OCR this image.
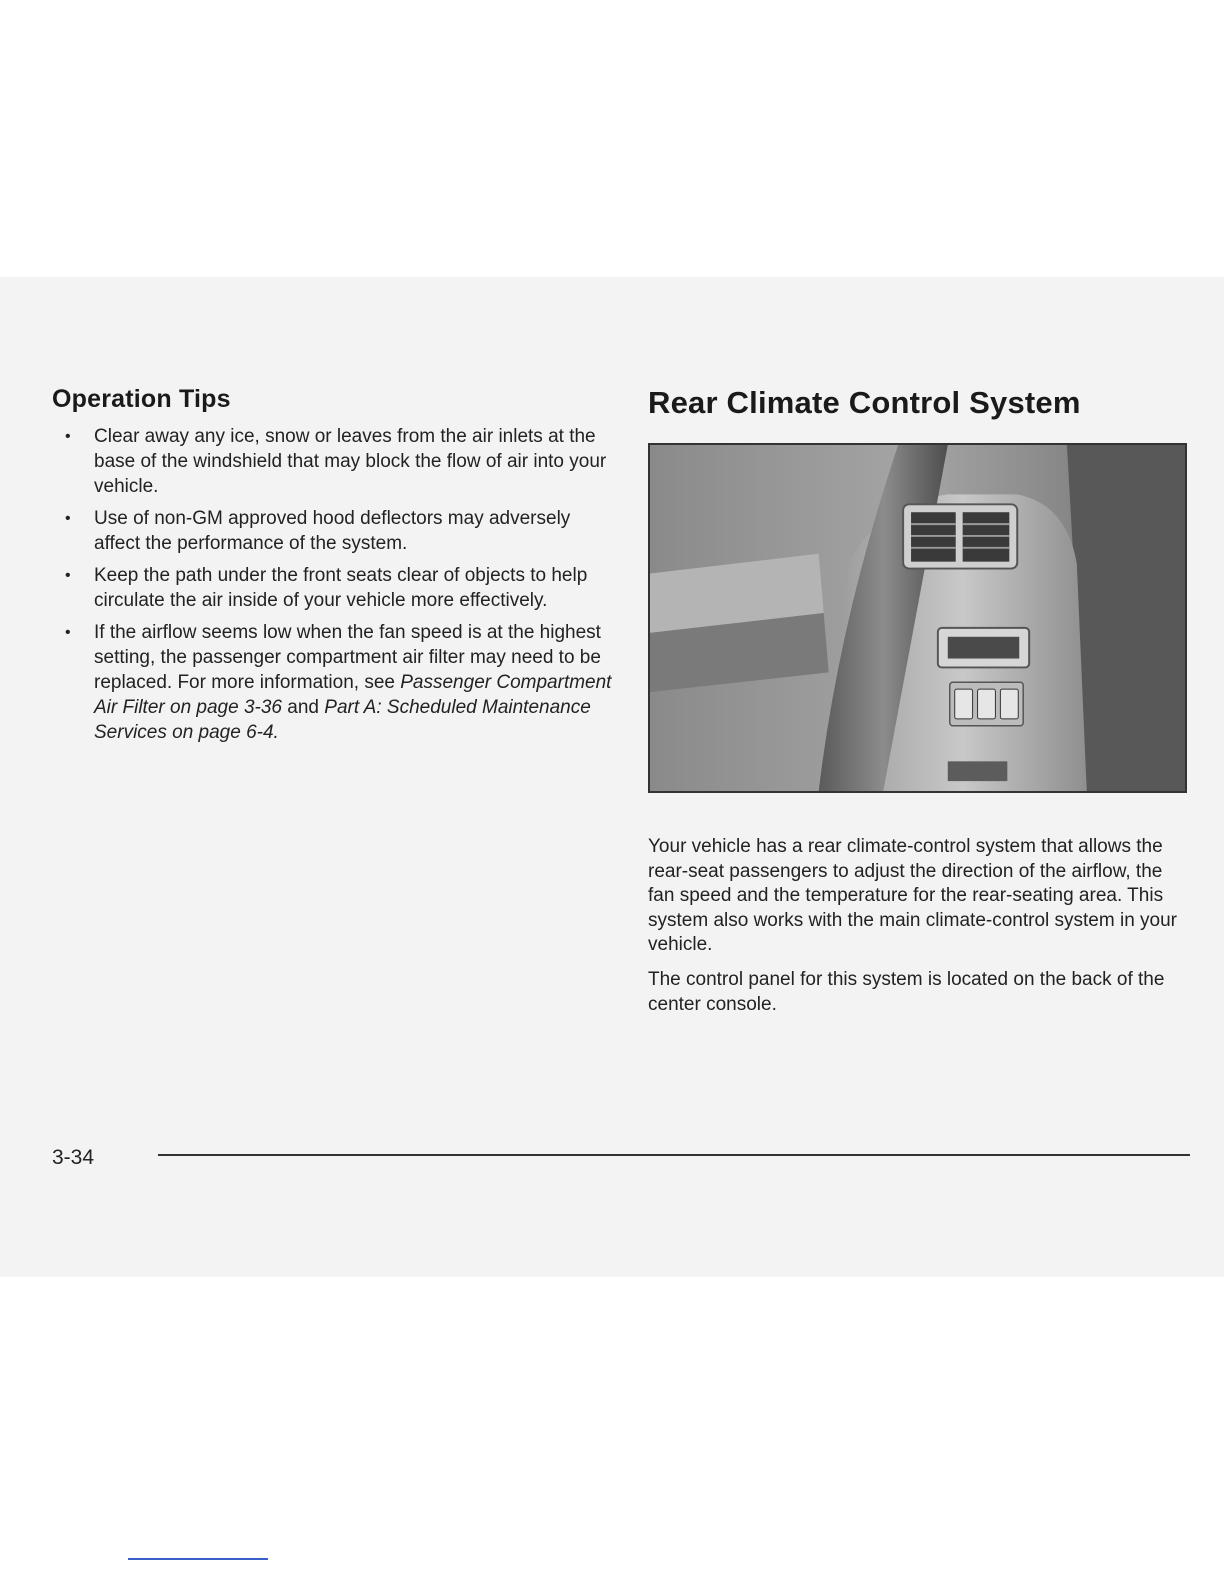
Operation Tips
• Clear away any ice, snow or leaves from the air inlets at the base of the windshield that may block the flow of air into your vehicle.
• Use of non-GM approved hood deflectors may adversely affect the performance of the system.
• Keep the path under the front seats clear of objects to help circulate the air inside of your vehicle more effectively.
• If the airflow seems low when the fan speed is at the highest setting, the passenger compartment air filter may need to be replaced. For more information, see Passenger Compartment Air Filter on page 3-36 and Part A: Scheduled Maintenance Services on page 6-4.
Rear Climate Control System

Your vehicle has a rear climate-control system that allows the rear-seat passengers to adjust the direction of the airflow, the fan speed and the temperature for the rear-seating area. This system also works with the main climate-control system in your vehicle.

The control panel for this system is located on the back of the center console.

3-34
